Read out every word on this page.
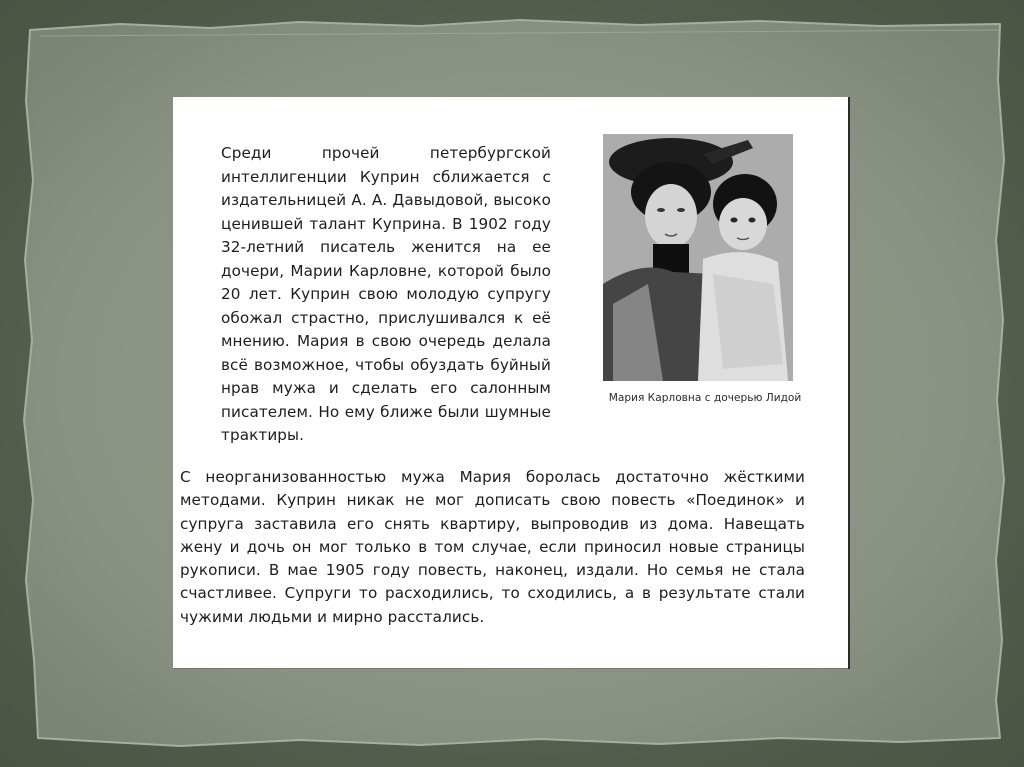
Среди прочей петербургской интеллигенции Куприн сближается с издательницей А. А. Давыдовой, высоко ценившей талант Куприна. В 1902 году 32-летний писатель женится на ее дочери, Марии Карловне, которой было 20 лет. Куприн свою молодую супругу обожал страстно, прислушивался к её мнению. Мария в свою очередь делала всё возможное, чтобы обуздать буйный нрав мужа и сделать его салонным писателем. Но ему ближе были шумные трактиры.

Мария Карловна с дочерью Лидой

С неорганизованностью мужа Мария боролась достаточно жёсткими методами. Куприн никак не мог дописать свою повесть «Поединок» и супруга заставила его снять квартиру, выпроводив из дома. Навещать жену и дочь он мог только в том случае, если приносил новые страницы рукописи. В мае 1905 году повесть, наконец, издали. Но семья не стала счастливее. Супруги то расходились, то сходились, а в результате стали чужими людьми и мирно расстались.
